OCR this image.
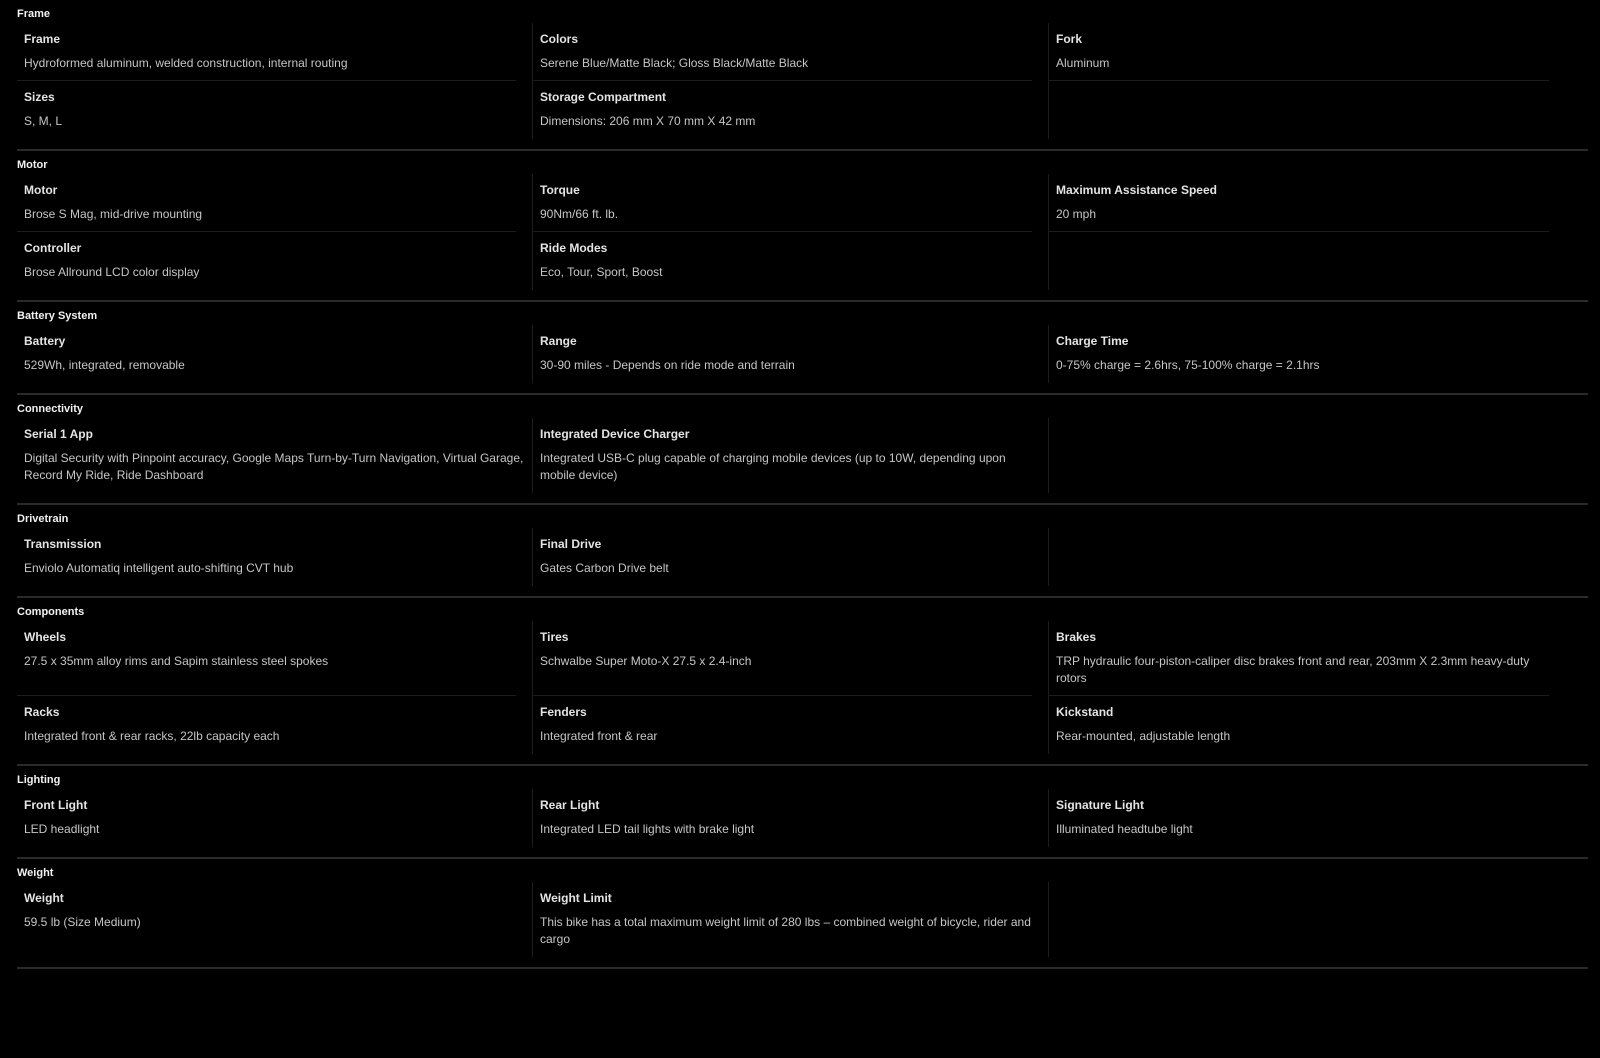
Frame
Frame
Hydroformed aluminum, welded construction, internal routing
Colors
Serene Blue/Matte Black; Gloss Black/Matte Black
Fork
Aluminum
Sizes
S, M, L
Storage Compartment
Dimensions: 206 mm X 70 mm X 42 mm
Motor
Motor
Brose S Mag, mid-drive mounting
Torque
90Nm/66 ft. lb.
Maximum Assistance Speed
20 mph
Controller
Brose Allround LCD color display
Ride Modes
Eco, Tour, Sport, Boost
Battery System
Battery
529Wh, integrated, removable
Range
30-90 miles - Depends on ride mode and terrain
Charge Time
0-75% charge = 2.6hrs, 75-100% charge = 2.1hrs
Connectivity
Serial 1 App
Digital Security with Pinpoint accuracy, Google Maps Turn-by-Turn Navigation, Virtual Garage, Record My Ride, Ride Dashboard
Integrated Device Charger
Integrated USB-C plug capable of charging mobile devices (up to 10W, depending upon mobile device)
Drivetrain
Transmission
Enviolo Automatiq intelligent auto-shifting CVT hub
Final Drive
Gates Carbon Drive belt
Components
Wheels
27.5 x 35mm alloy rims and Sapim stainless steel spokes
Tires
Schwalbe Super Moto-X 27.5 x 2.4-inch
Brakes
TRP hydraulic four-piston-caliper disc brakes front and rear, 203mm X 2.3mm heavy-duty rotors
Racks
Integrated front & rear racks, 22lb capacity each
Fenders
Integrated front & rear
Kickstand
Rear-mounted, adjustable length
Lighting
Front Light
LED headlight
Rear Light
Integrated LED tail lights with brake light
Signature Light
Illuminated headtube light
Weight
Weight
59.5 lb (Size Medium)
Weight Limit
This bike has a total maximum weight limit of 280 lbs – combined weight of bicycle, rider and cargo
